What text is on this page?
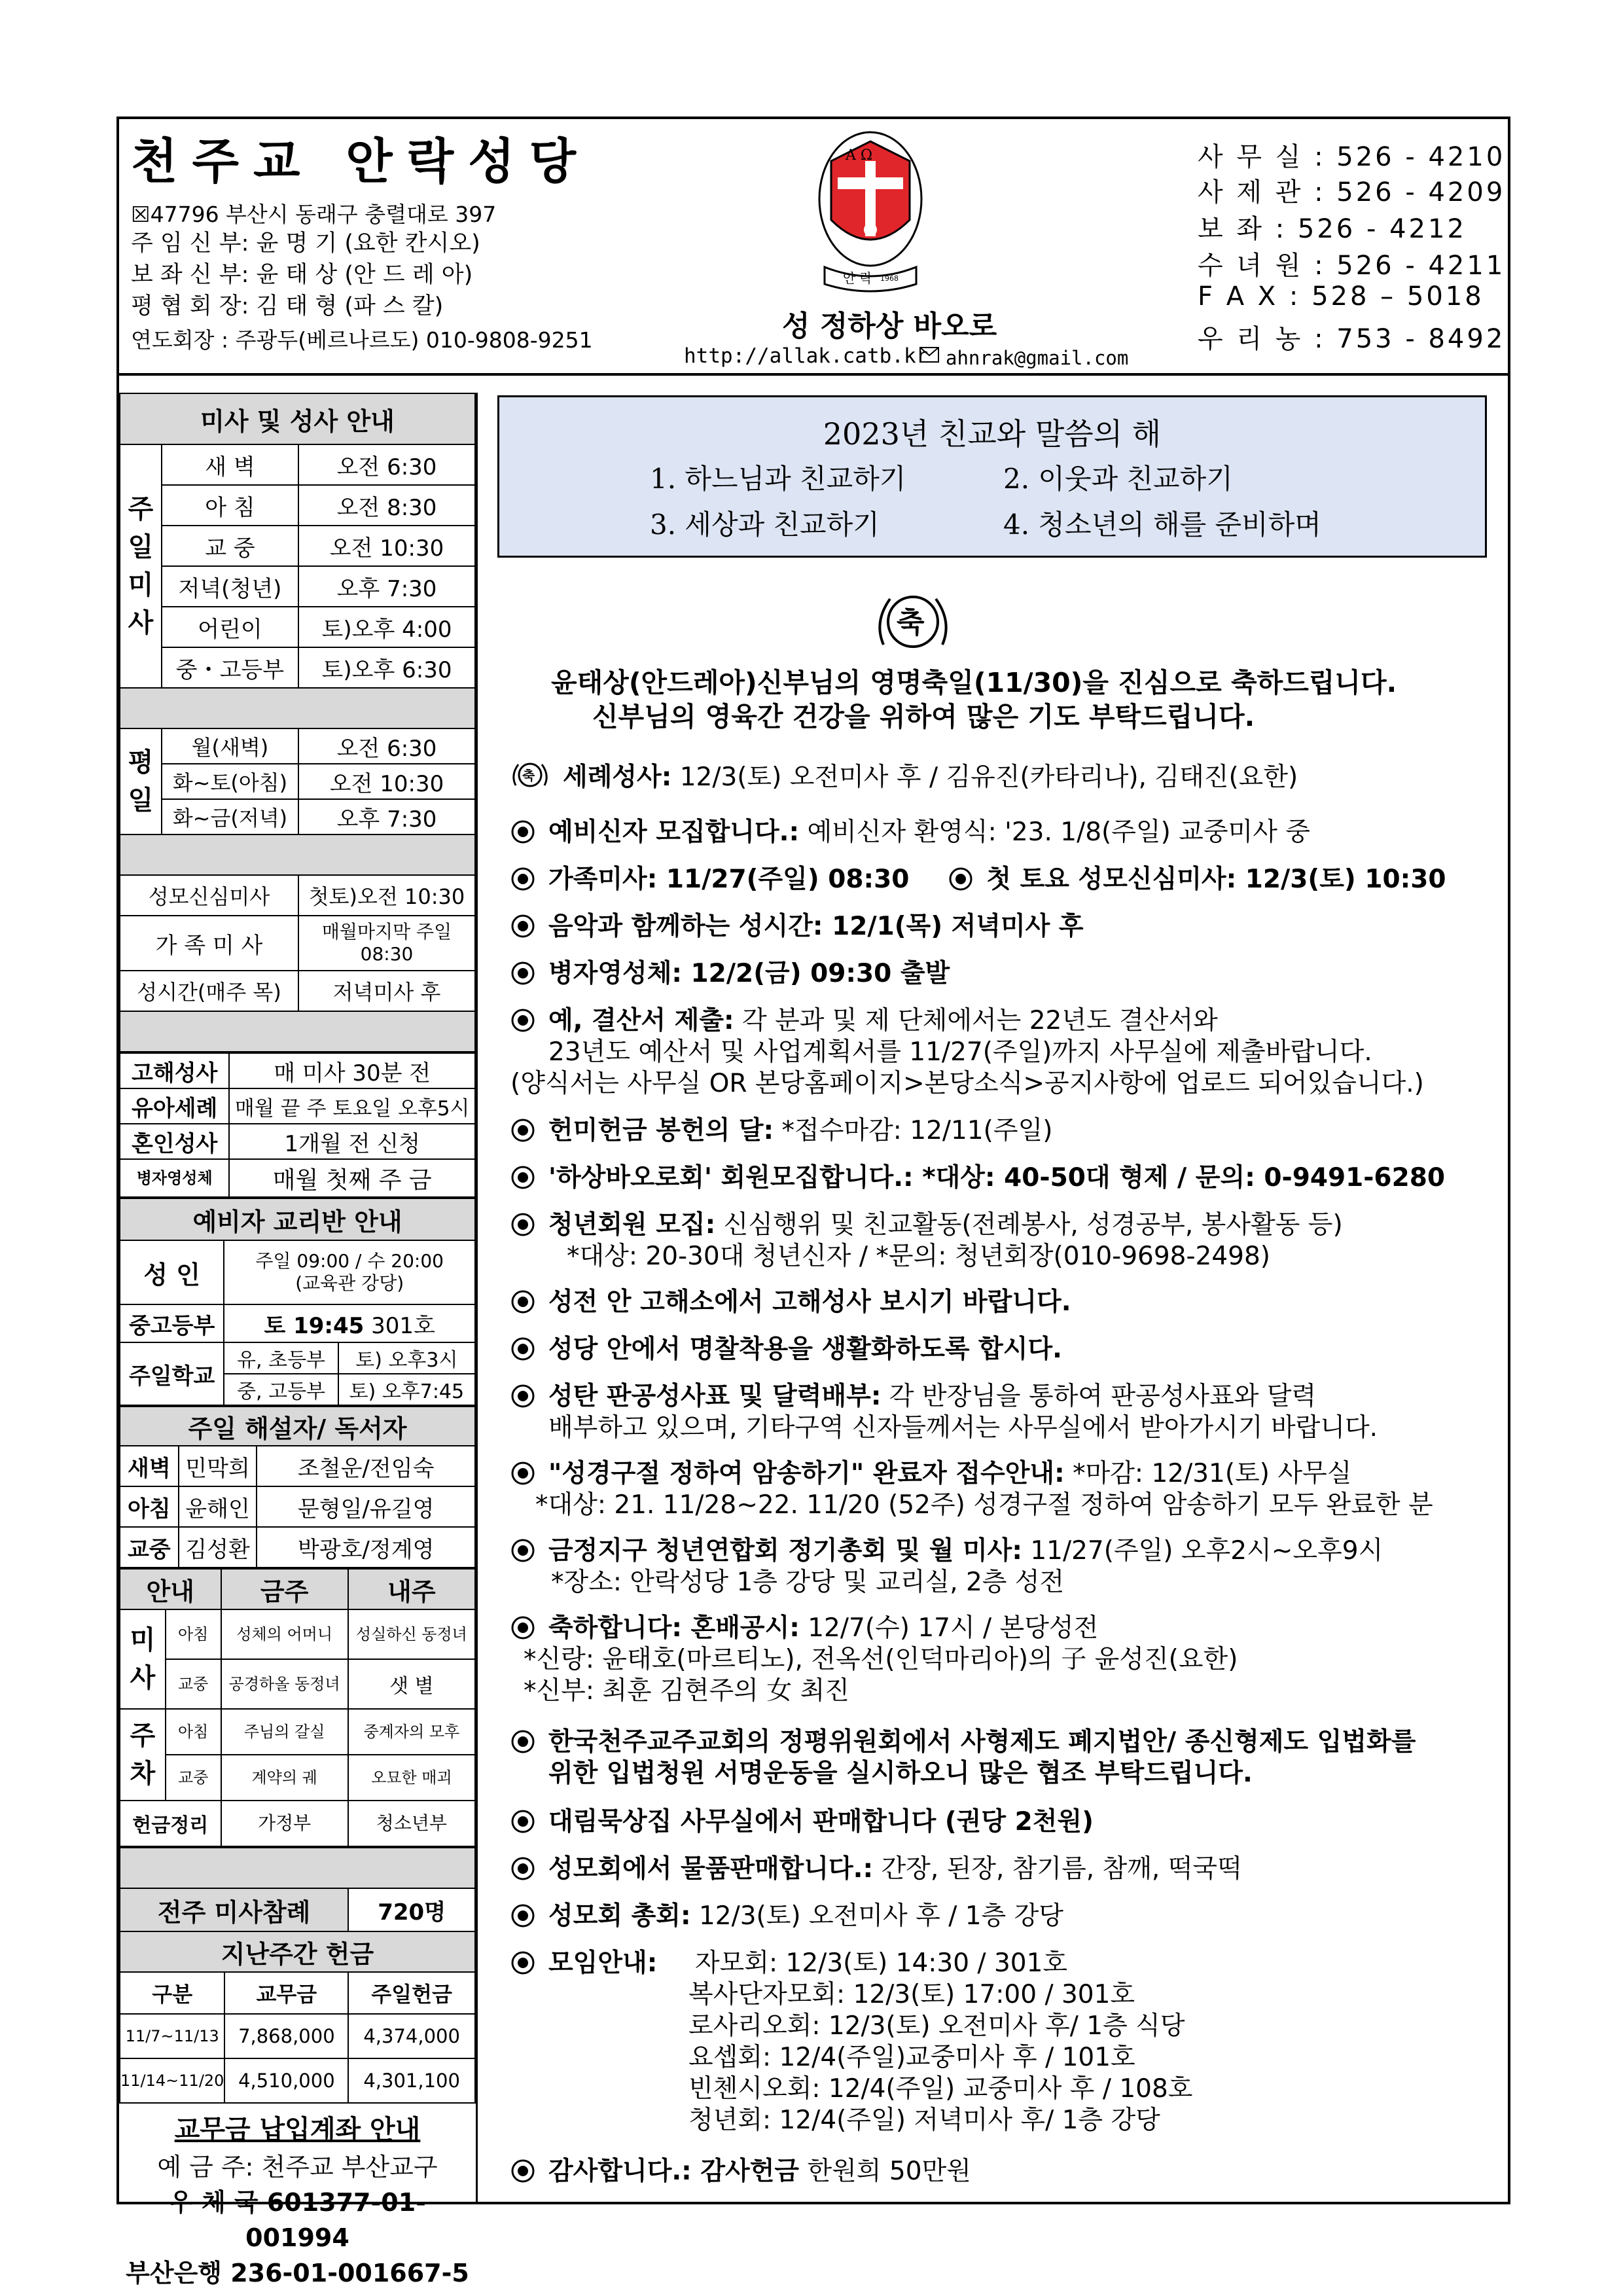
천주교 안락성당
☒47796 부산시 동래구 충렬대로 397
주 임 신 부: 윤 명 기 (요한 칸시오)
보 좌 신 부: 윤 태 상 (안 드 레 아)
평 협 회 장: 김 태 형 (파 스 칼)
연도회장 : 주광두(베르나르도) 010-9808-9251
A Ω
안 락 1968
성 정하상 바오로
http://allak.catb.kr ahnrak@gmail.com
사 무 실 : 526 - 4210
사 제 관 : 526 - 4209
보 좌 : 526 - 4212
수 녀 원 : 526 - 4211
F A X : 528 – 5018
우 리 농 : 753 - 8492
미사 및 성사 안내		

주
일
미
사	새 벽	오전 6:30
	아 침	오전 8:30
	교 중	오전 10:30
	저녁(청년)	오후 7:30
	어린이	토)오후 4:00
	중・고등부	토)오후 6:30

평
일	월(새벽)	오전 6:30
	화~토(아침)	오전 10:30
	화~금(저녁)	오후 7:30

성모신심미사		첫토)오전 10:30
가 족 미 사		매월마지막 주일 08:30
성시간(매주 목)		저녁미사 후

고해성사	매 미사 30분 전
유아세례	매월 끝 주 토요일 오후5시
혼인성사	1개월 전 신청
병자영성체	매월 첫째 주 금
예비자 교리반 안내		
성 인	주일 09:00 / 수 20:00
(교육관 강당)	

중고등부	토 19:45 301호	
주일학교	유, 초등부	토) 오후3시
	중, 고등부	토) 오후7:45
주일 해설자/ 독서자		
새벽	민막희	조철운/전임숙
아침	윤해인	문형일/유길영
교중	김성환	박광호/정계영
안내		금주	내주

미
사	아침	성체의 어머니	성실하신 동정녀
	교중	공경하올 동정녀	샛 별

주
차	아침	주님의 갈실	중계자의 모후
	교중	계약의 궤	오묘한 매괴
헌금정리		가정부	청소년부

전주 미사참례		720명
지난주간 헌금		
구분	교무금	주일헌금
11/7~11/13	7,868,000	4,374,000
11/14~11/20	4,510,000	4,301,100
교무금 납입계좌 안내
예 금 주: 천주교 부산교구
우 체 국 601377-01-001994
부산은행 236-01-001667-5
2023년 친교와 말씀의 해
1. 하느님과 친교하기	2. 이웃과 친교하기
3. 세상과 친교하기	4. 청소년의 해를 준비하며
축
윤태상(안드레아)신부님의 영명축일(11/30)을 진심으로 축하드립니다.
신부님의 영육간 건강을 위하여 많은 기도 부탁드립니다.
축 세례성사: 12/3(토) 오전미사 후 / 김유진(카타리나), 김태진(요한)
예비신자 모집합니다.: 예비신자 환영식: '23. 1/8(주일) 교중미사 중
가족미사: 11/27(주일) 08:30	첫 토요 성모신심미사: 12/3(토) 10:30
음악과 함께하는 성시간: 12/1(목) 저녁미사 후
병자영성체: 12/2(금) 09:30 출발
예, 결산서 제출: 각 분과 및 제 단체에서는 22년도 결산서와
23년도 예산서 및 사업계획서를 11/27(주일)까지 사무실에 제출바랍니다.
(양식서는 사무실 OR 본당홈페이지>본당소식>공지사항에 업로드 되어있습니다.)
헌미헌금 봉헌의 달: *접수마감: 12/11(주일)
'하상바오로회' 회원모집합니다.: *대상: 40-50대 형제 / 문의: 0-9491-6280
청년회원 모집: 신심행위 및 친교활동(전례봉사, 성경공부, 봉사활동 등)
*대상: 20-30대 청년신자 / *문의: 청년회장(010-9698-2498)
성전 안 고해소에서 고해성사 보시기 바랍니다.
성당 안에서 명찰착용을 생활화하도록 합시다.
성탄 판공성사표 및 달력배부: 각 반장님을 통하여 판공성사표와 달력
배부하고 있으며, 기타구역 신자들께서는 사무실에서 받아가시기 바랍니다.
"성경구절 정하여 암송하기" 완료자 접수안내: *마감: 12/31(토) 사무실
*대상: 21. 11/28~22. 11/20 (52주) 성경구절 정하여 암송하기 모두 완료한 분
금정지구 청년연합회 정기총회 및 월 미사: 11/27(주일) 오후2시~오후9시
*장소: 안락성당 1층 강당 및 교리실, 2층 성전
축하합니다: 혼배공시: 12/7(수) 17시 / 본당성전
*신랑: 윤태호(마르티노), 전옥선(인덕마리아)의 子 윤성진(요한)
*신부: 최훈 김현주의 女 최진
한국천주교주교회의 정평위원회에서 사형제도 폐지법안/ 종신형제도 입법화를
위한 입법청원 서명운동을 실시하오니 많은 협조 부탁드립니다.
대림묵상집 사무실에서 판매합니다 (권당 2천원)
성모회에서 물품판매합니다.: 간장, 된장, 참기름, 참깨, 떡국떡
성모회 총회: 12/3(토) 오전미사 후 / 1층 강당
모임안내: 자모회: 12/3(토) 14:30 / 301호
복사단자모회: 12/3(토) 17:00 / 301호
로사리오회: 12/3(토) 오전미사 후/ 1층 식당
요셉회: 12/4(주일)교중미사 후 / 101호
빈첸시오회: 12/4(주일) 교중미사 후 / 108호
청년회: 12/4(주일) 저녁미사 후/ 1층 강당
감사합니다.: 감사헌금 한원희 50만원
